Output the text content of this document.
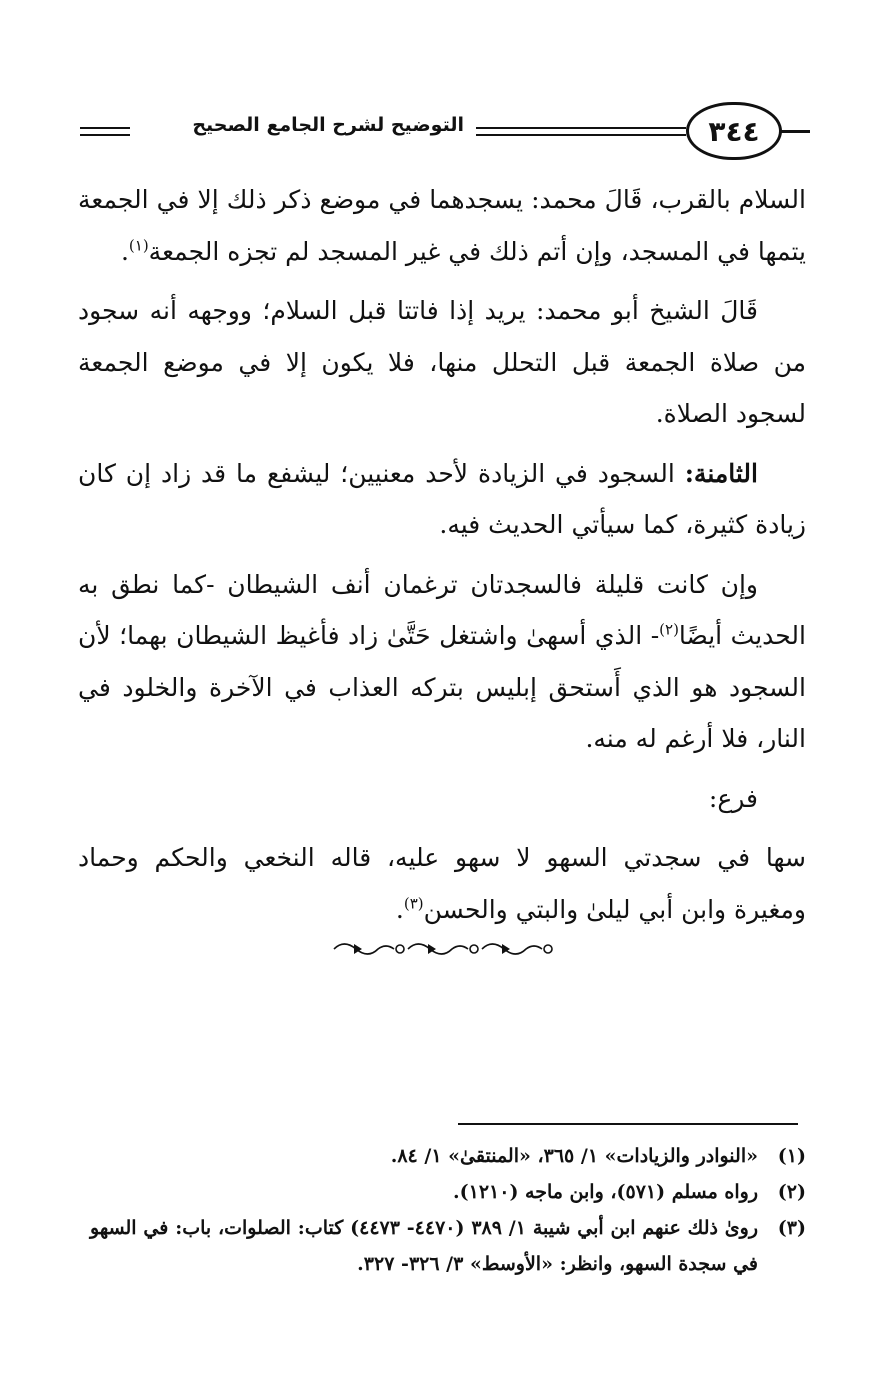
٣٤٤
التوضيح لشرح الجامع الصحيح

السلام بالقرب، قَالَ محمد: يسجدهما في موضع ذكر ذلك إلا في الجمعة يتمها في المسجد، وإن أتم ذلك في غير المسجد لم تجزه الجمعة$^{(١)}$.

قَالَ الشيخ أبو محمد: يريد إذا فاتتا قبل السلام؛ ووجهه أنه سجود من صلاة الجمعة قبل التحلل منها، فلا يكون إلا في موضع الجمعة لسجود الصلاة.

الثامنة: السجود في الزيادة لأحد معنيين؛ ليشفع ما قد زاد إن كان زيادة كثيرة، كما سيأتي الحديث فيه.

وإن كانت قليلة فالسجدتان ترغمان أنف الشيطان -كما نطق به الحديث أيضًا$^{(٢)}$- الذي أسهىٰ واشتغل حَتَّىٰ زاد فأغيظ الشيطان بهما؛ لأن السجود هو الذي أَستحق إبليس بتركه العذاب في الآخرة والخلود في النار، فلا أرغم له منه.

فرع:

سها في سجدتي السهو لا سهو عليه، قاله النخعي والحكم وحماد ومغيرة وابن أبي ليلىٰ والبتي والحسن$^{(٣)}$.

(١)
«النوادر والزيادات» ١/ ٣٦٥، «المنتقىٰ» ١/ ٨٤.
(٢)
رواه مسلم (٥٧١)، وابن ماجه (١٢١٠).
(٣)
روىٰ ذلك عنهم ابن أبي شيبة ١/ ٣٨٩ (٤٤٧٠- ٤٤٧٣) كتاب: الصلوات، باب: في السهو في سجدة السهو، وانظر: «الأوسط» ٣/ ٣٢٦- ٣٢٧.
